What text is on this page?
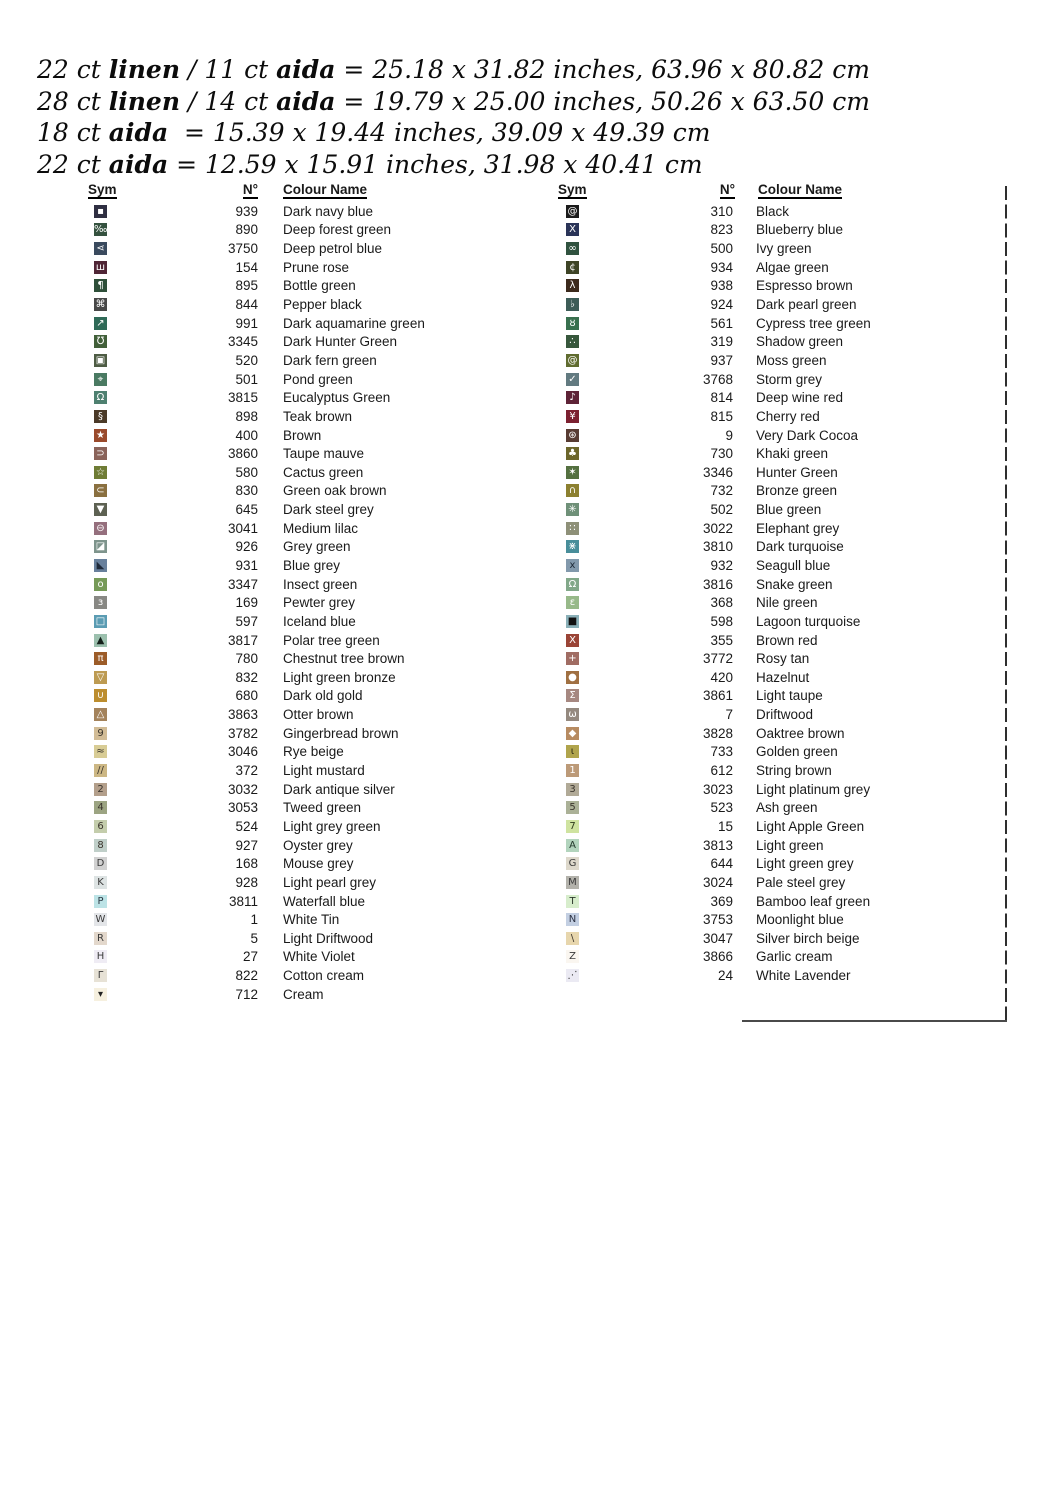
22 ct linen / 11 ct aida = 25.18 x 31.82 inches, 63.96 x 80.82 cm
28 ct linen / 14 ct aida = 19.79 x 25.00 inches, 50.26 x 63.50 cm
18 ct aida  = 15.39 x 19.44 inches, 39.09 x 49.39 cm
22 ct aida = 12.59 x 15.91 inches, 31.98 x 40.41 cm
Sym	N° Colour Name
▪	939 Dark navy blue
‰	890 Deep forest green
⋖	3750 Deep petrol blue
ш	154 Prune rose
¶	895 Bottle green
⌘	844 Pepper black
↗	991 Dark aquamarine green
℧	3345 Dark Hunter Green
▣	520 Dark fern green
⌖	501 Pond green
Ω	3815 Eucalyptus Green
§	898 Teak brown
★	400 Brown
⊃	3860 Taupe mauve
☆	580 Cactus green
⊂	830 Green oak brown
▼	645 Dark steel grey
⊖	3041 Medium lilac
◪	926 Grey green
◣	931 Blue grey
o	3347 Insect green
ɜ	169 Pewter grey
□	597 Iceland blue
▲	3817 Polar tree green
π	780 Chestnut tree brown
▽	832 Light green bronze
∪	680 Dark old gold
△	3863 Otter brown
9	3782 Gingerbread brown
≈	3046 Rye beige
//	372 Light mustard
2	3032 Dark antique silver
4	3053 Tweed green
6	524 Light grey green
8	927 Oyster grey
D	168 Mouse grey
K	928 Light pearl grey
P	3811 Waterfall blue
W	1 White Tin
R	5 Light Driftwood
H	27 White Violet
Γ	822 Cotton cream
▾	712 Cream
Sym	N° Colour Name
@	310 Black
X	823 Blueberry blue
∞	500 Ivy green
¢	934 Algae green
λ	938 Espresso brown
♭	924 Dark pearl green
ȣ	561 Cypress tree green
∴	319 Shadow green
@	937 Moss green
✓	3768 Storm grey
♪	814 Deep wine red
¥	815 Cherry red
⊛	9 Very Dark Cocoa
♣	730 Khaki green
✶	3346 Hunter Green
∩	732 Bronze green
✳	502 Blue green
∷	3022 Elephant grey
⋇	3810 Dark turquoise
x	932 Seagull blue
Ω	3816 Snake green
ε	368 Nile green
■	598 Lagoon turquoise
X	355 Brown red
+	3772 Rosy tan
●	420 Hazelnut
Σ	3861 Light taupe
ω	7 Driftwood
◆	3828 Oaktree brown
ι	733 Golden green
1	612 String brown
3	3023 Light platinum grey
5	523 Ash green
7	15 Light Apple Green
A	3813 Light green
G	644 Light green grey
M	3024 Pale steel grey
T	369 Bamboo leaf green
N	3753 Moonlight blue
\	3047 Silver birch beige
Z	3866 Garlic cream
⋰	24 White Lavender
